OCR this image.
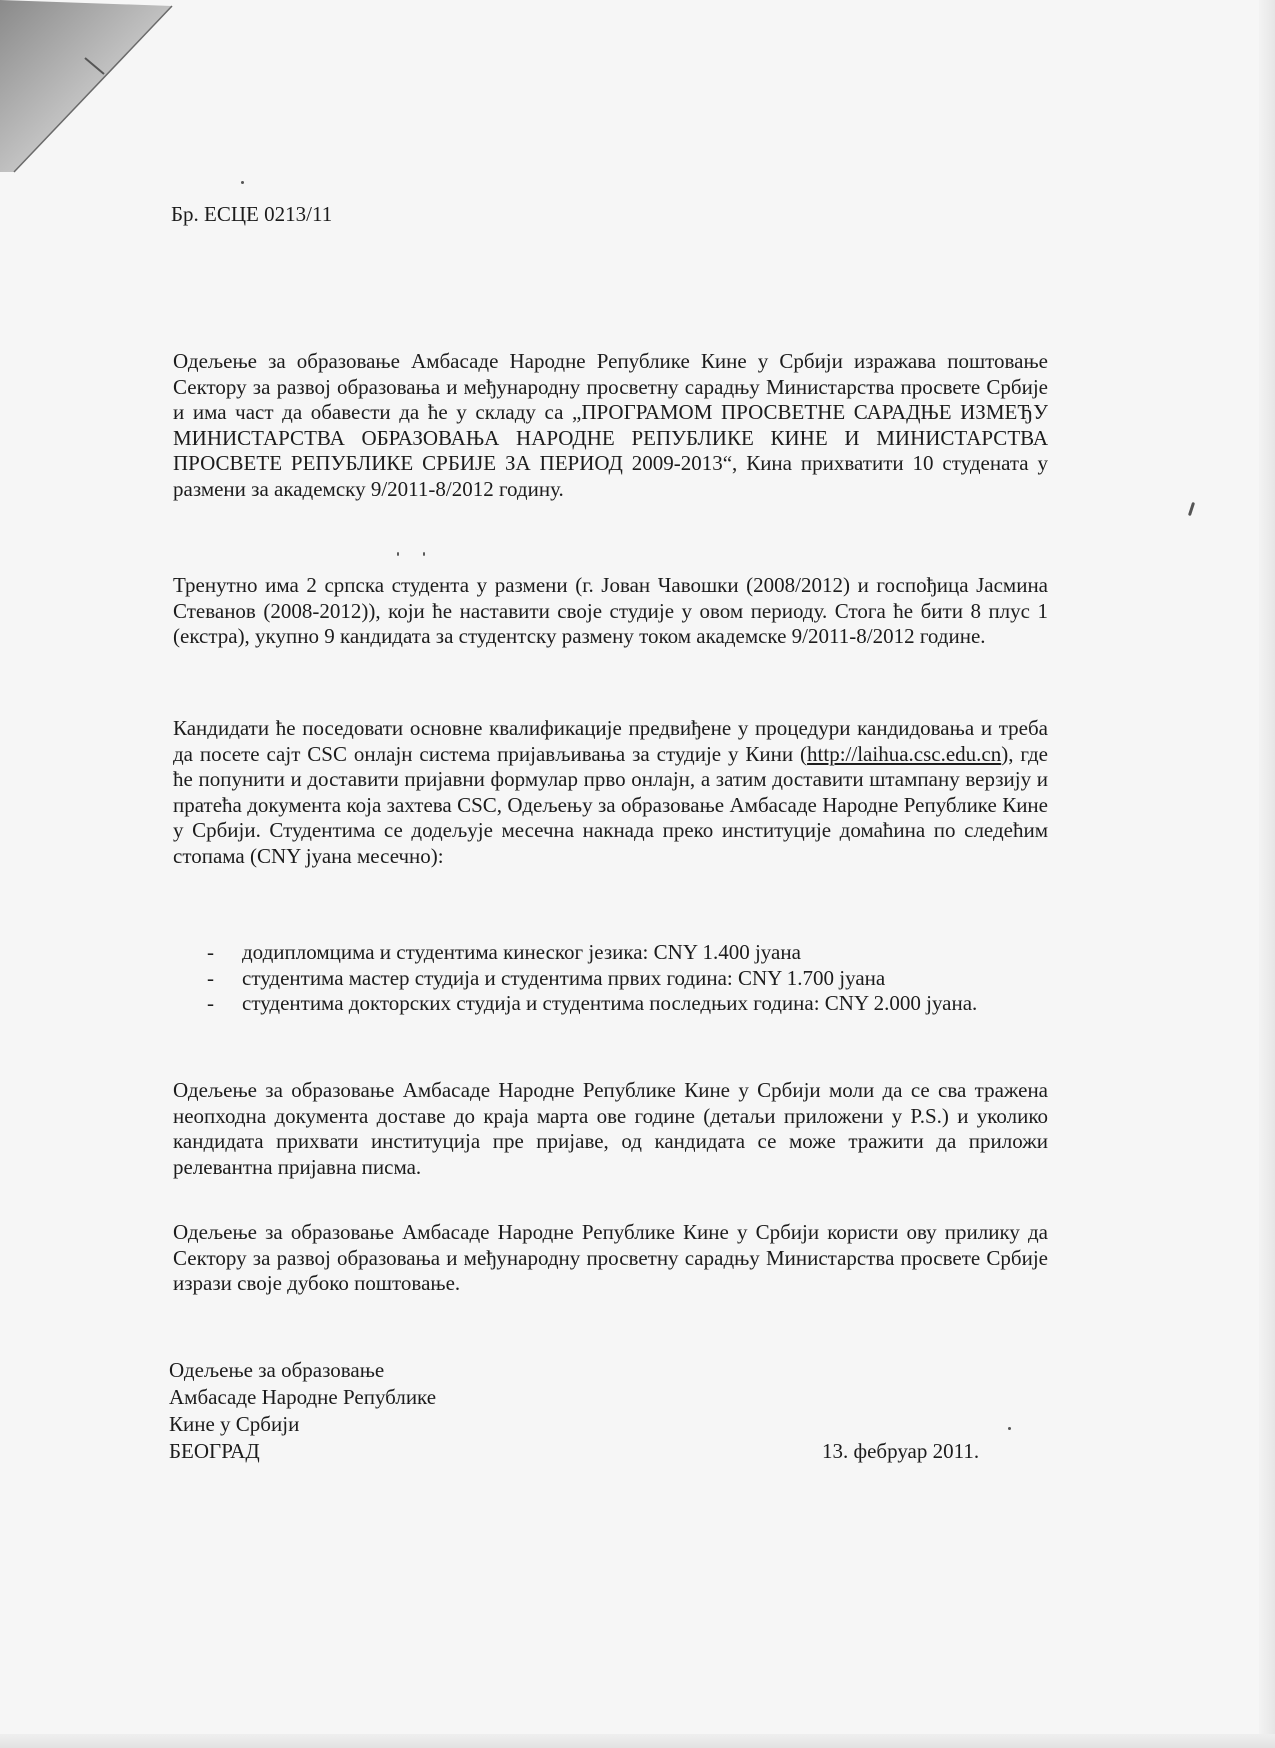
Бр. ЕСЦЕ 0213/11
Одељење за образовање Амбасаде Народне Републике Кине у Србији изражава поштовање Сектору за развој образовања и међународну просветну сарадњу Министарства просвете Србије и има част да обавести да ће у складу са „ПРОГРАМОМ ПРОСВЕТНЕ САРАДЊЕ ИЗМЕЂУ МИНИСТАРСТВА ОБРАЗОВАЊА НАРОДНЕ РЕПУБЛИКЕ КИНЕ И МИНИСТАРСТВА ПРОСВЕТЕ РЕПУБЛИКЕ СРБИЈЕ ЗА ПЕРИОД 2009-2013“, Кина прихватити 10 студената у размени за академску 9/2011-8/2012 годину.
Тренутно има 2 српска студента у размени (г. Јован Чавошки (2008/2012) и госпођица Јасмина Стеванов (2008-2012)), који ће наставити своје студије у овом периоду. Стога ће бити 8 плус 1 (екстра), укупно 9 кандидата за студентску размену током академске 9/2011-8/2012 године.
Кандидати ће поседовати основне квалификације предвиђене у процедури кандидовања и треба да посете сајт CSC онлајн система пријављивања за студије у Кини (http://laihua.csc.edu.cn), где ће попунити и доставити пријавни формулар прво онлајн, а затим доставити штампану верзију и пратећа документа која захтева CSC, Одељењу за образовање Амбасаде Народне Републике Кине у Србији. Студентима се додељује месечна накнада преко институције домаћина по следећим стопама (CNY јуана месечно):
- додипломцима и студентима кинеског језика: CNY 1.400 јуана
- студентима мастер студија и студентима првих година: CNY 1.700 јуана
- студентима докторских студија и студентима последњих година: CNY 2.000 јуана.
Одељење за образовање Амбасаде Народне Републике Кине у Србији моли да се сва тражена неопходна документа доставе до краја марта ове године (детаљи приложени у P.S.) и уколико кандидата прихвати институција пре пријаве, од кандидата се може тражити да приложи релевантна пријавна писма.
Одељење за образовање Амбасаде Народне Републике Кине у Србији користи ову прилику да Сектору за развој образовања и међународну просветну сарадњу Министарства просвете Србије изрази своје дубоко поштовање.
Одељење за образовање
Амбасаде Народне Републике
Кине у Србији
БЕОГРАД	13. фебруар 2011.
